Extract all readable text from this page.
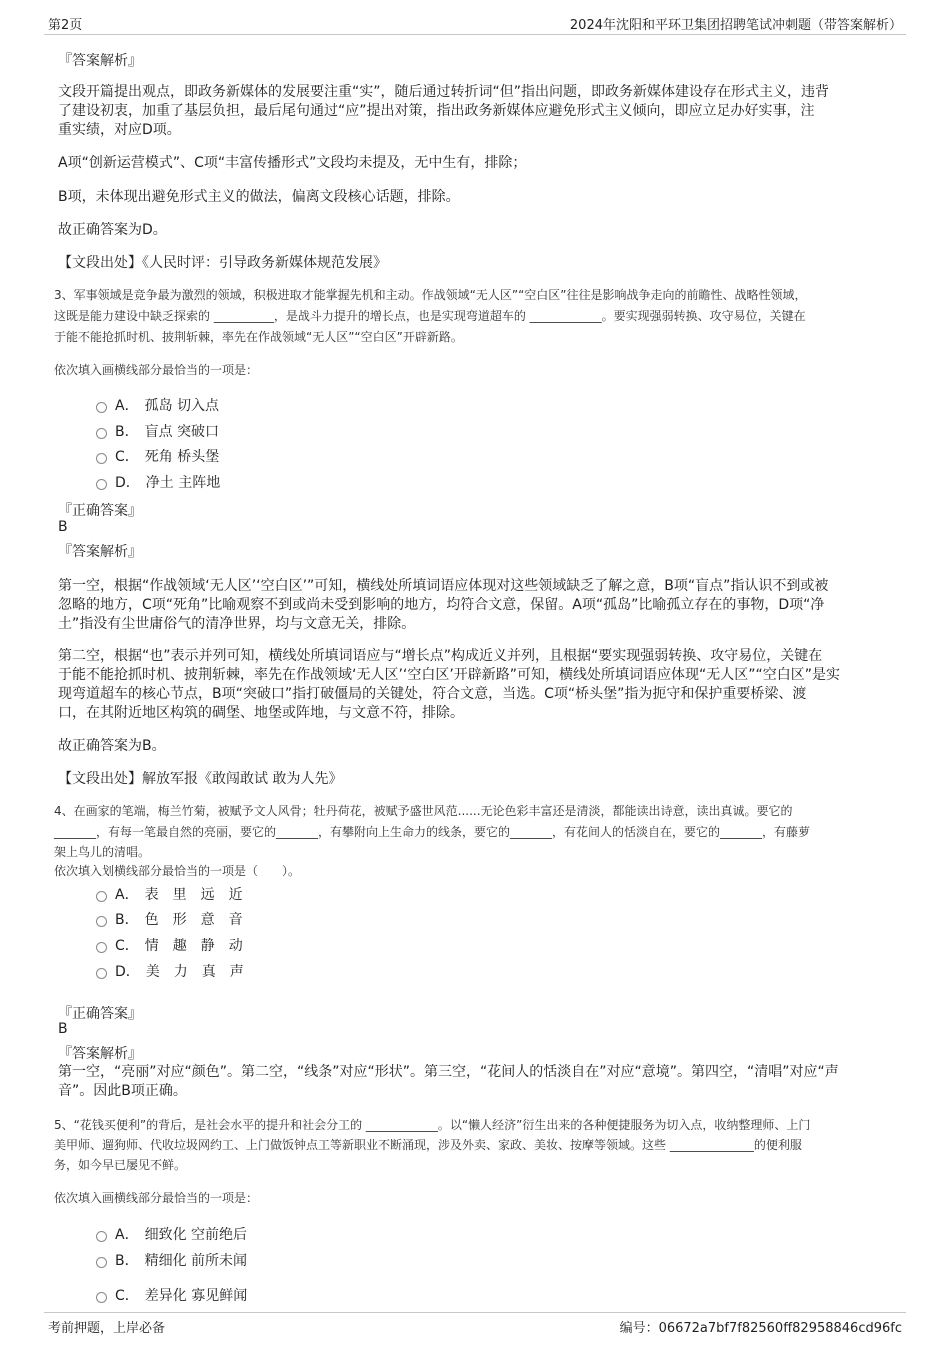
第2页	2024年沈阳和平环卫集团招聘笔试冲刺题（带答案解析）
『答案解析』
文段开篇提出观点，即政务新媒体的发展要注重“实”，随后通过转折词“但”指出问题，即政务新媒体建设存在形式主义，违背
了建设初衷，加重了基层负担，最后尾句通过“应”提出对策，指出政务新媒体应避免形式主义倾向，即应立足办好实事，注
重实绩，对应D项。
A项“创新运营模式”、C项“丰富传播形式”文段均未提及，无中生有，排除；
B项，未体现出避免形式主义的做法，偏离文段核心话题，排除。
故正确答案为D。
【文段出处】《人民时评：引导政务新媒体规范发展》
3、军事领域是竞争最为激烈的领域，积极进取才能掌握先机和主动。作战领域“无人区”“空白区”往往是影响战争走向的前瞻性、战略性领域，
这既是能力建设中缺乏探索的 __________，是战斗力提升的增长点，也是实现弯道超车的 ____________。要实现强弱转换、攻守易位，关键在
于能不能抢抓时机、披荆斩棘，率先在作战领域“无人区”“空白区”开辟新路。
依次填入画横线部分最恰当的一项是：
A． 孤岛 切入点
B． 盲点 突破口
C． 死角 桥头堡
D． 净土 主阵地
『正确答案』
B
『答案解析』
第一空，根据“作战领域‘无人区’‘空白区’”可知，横线处所填词语应体现对这些领域缺乏了解之意，B项“盲点”指认识不到或被
忽略的地方，C项“死角”比喻观察不到或尚未受到影响的地方，均符合文意，保留。A项“孤岛”比喻孤立存在的事物，D项“净
土”指没有尘世庸俗气的清净世界，均与文意无关，排除。
第二空，根据“也”表示并列可知，横线处所填词语应与“增长点”构成近义并列，且根据“要实现强弱转换、攻守易位，关键在
于能不能抢抓时机、披荆斩棘，率先在作战领域‘无人区’‘空白区’开辟新路”可知，横线处所填词语应体现“无人区”“空白区”是实
现弯道超车的核心节点，B项“突破口”指打破僵局的关键处，符合文意，当选。C项“桥头堡”指为扼守和保护重要桥梁、渡
口，在其附近地区构筑的碉堡、地堡或阵地，与文意不符，排除。
故正确答案为B。
【文段出处】解放军报《敢闯敢试 敢为人先》
4、在画家的笔端，梅兰竹菊，被赋予文人风骨；牡丹荷花，被赋予盛世风范......无论色彩丰富还是清淡，都能读出诗意，读出真诚。要它的
_______，有每一笔最自然的亮丽，要它的_______，有攀附向上生命力的线条，要它的_______，有花间人的恬淡自在，要它的_______，有藤萝
架上鸟儿的清唱。
依次填入划横线部分最恰当的一项是（　　）。
A． 表 里 远 近
B． 色 形 意 音
C． 情 趣 静 动
D． 美 力 真 声
『正确答案』
B
『答案解析』
第一空，“亮丽”对应“颜色”。第二空，“线条”对应“形状”。第三空，“花间人的恬淡自在”对应“意境”。第四空，“清唱”对应“声
音”。因此B项正确。
5、“花钱买便利”的背后，是社会水平的提升和社会分工的 ____________。以“懒人经济”衍生出来的各种便捷服务为切入点，收纳整理师、上门
美甲师、遛狗师、代收垃圾网约工、上门做饭钟点工等新职业不断涌现，涉及外卖、家政、美妆、按摩等领域。这些 ______________的便利服
务，如今早已屡见不鲜。
依次填入画横线部分最恰当的一项是：
A． 细致化 空前绝后
B． 精细化 前所未闻
C． 差异化 寡见鲜闻
考前押题，上岸必备	编号：06672a7bf7f82560ff82958846cd96fc
